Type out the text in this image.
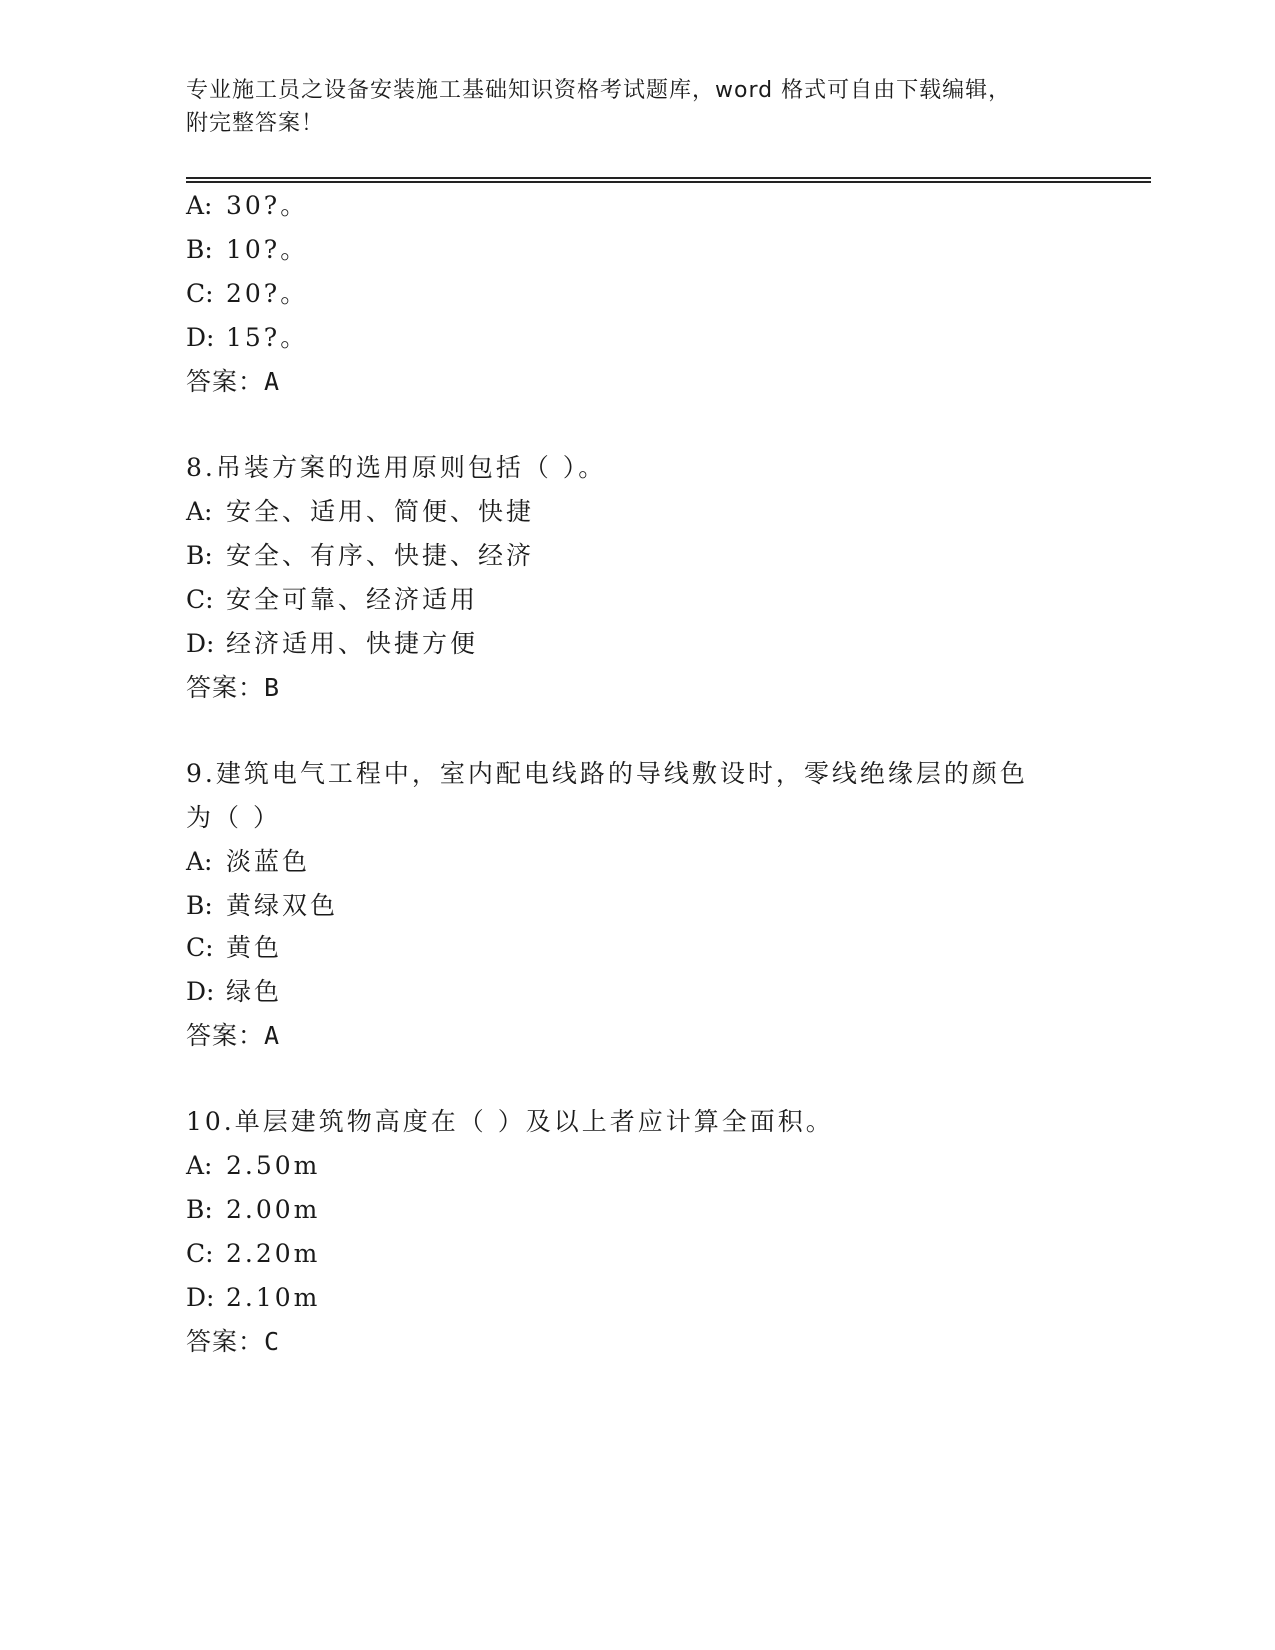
专业施工员之设备安装施工基础知识资格考试题库，word 格式可自由下载编辑，
附完整答案！
A: 30?。
B: 10?。
C: 20?。
D: 15?。
答案：A
8.吊装方案的选用原则包括（ ）。
A: 安全、适用、简便、快捷
B: 安全、有序、快捷、经济
C: 安全可靠、经济适用
D: 经济适用、快捷方便
答案：B
9.建筑电气工程中，室内配电线路的导线敷设时，零线绝缘层的颜色
为（ ）
A: 淡蓝色
B: 黄绿双色
C: 黄色
D: 绿色
答案：A
10.单层建筑物高度在（ ）及以上者应计算全面积。
A: 2.50m
B: 2.00m
C: 2.20m
D: 2.10m
答案：C
